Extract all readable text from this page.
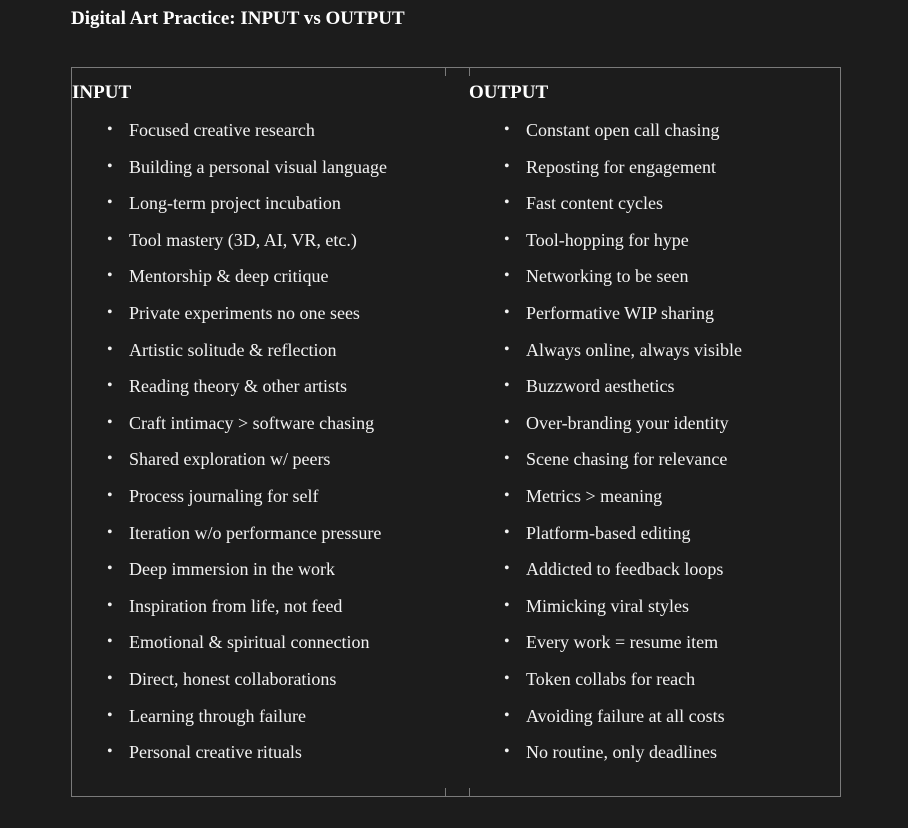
Digital Art Practice: INPUT vs OUTPUT
INPUT
• Focused creative research
• Building a personal visual language
• Long-term project incubation
• Tool mastery (3D, AI, VR, etc.)
• Mentorship & deep critique
• Private experiments no one sees
• Artistic solitude & reflection
• Reading theory & other artists
• Craft intimacy > software chasing
• Shared exploration w/ peers
• Process journaling for self
• Iteration w/o performance pressure
• Deep immersion in the work
• Inspiration from life, not feed
• Emotional & spiritual connection
• Direct, honest collaborations
• Learning through failure
• Personal creative rituals
OUTPUT
• Constant open call chasing
• Reposting for engagement
• Fast content cycles
• Tool-hopping for hype
• Networking to be seen
• Performative WIP sharing
• Always online, always visible
• Buzzword aesthetics
• Over-branding your identity
• Scene chasing for relevance
• Metrics > meaning
• Platform-based editing
• Addicted to feedback loops
• Mimicking viral styles
• Every work = resume item
• Token collabs for reach
• Avoiding failure at all costs
• No routine, only deadlines
